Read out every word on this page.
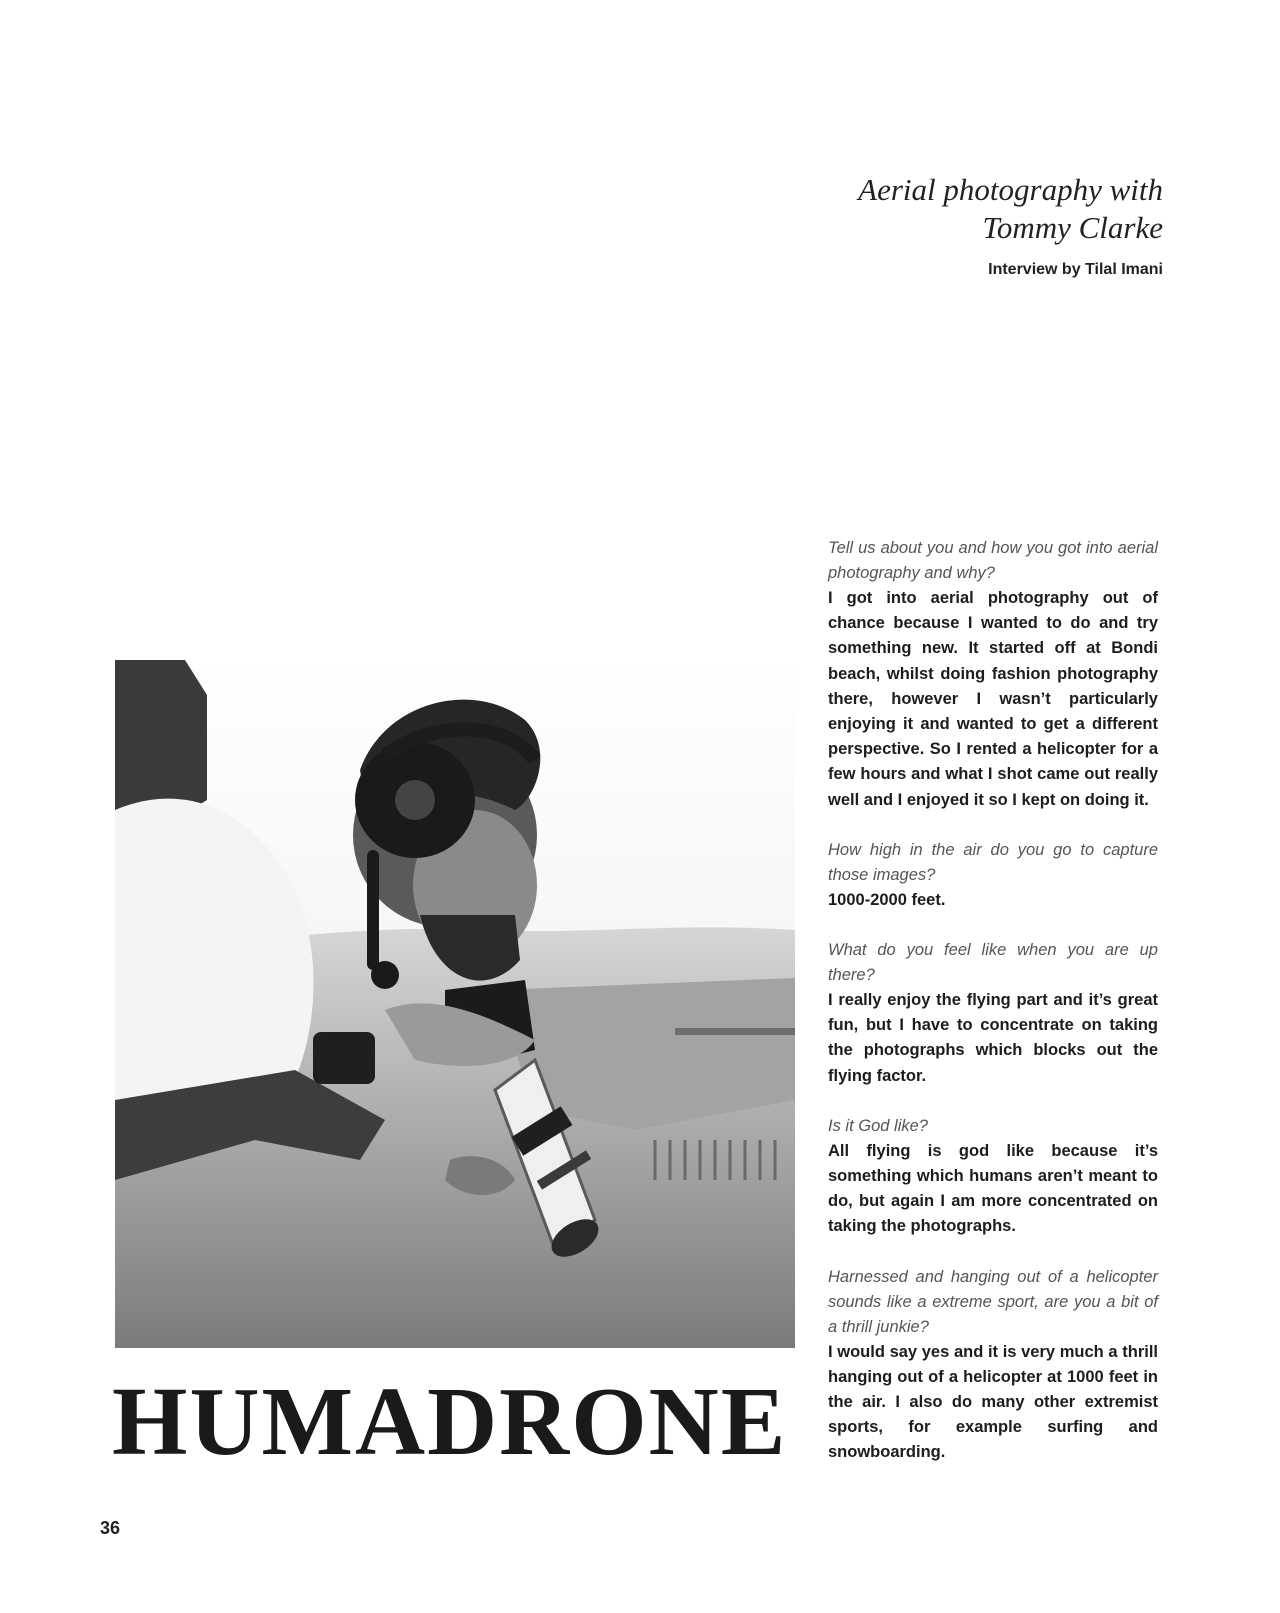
Aerial photography with
Tommy Clarke
Interview by Tilal Imani
HUMADRONE

Tell us about you and how you got into aerial photography and why?

I got into aerial photography out of chance because I wanted to do and try something new. It started off at Bondi beach, whilst doing fashion photography there, however I wasn’t particularly enjoying it and wanted to get a different perspective. So I rented a helicopter for a few hours and what I shot came out really well and I enjoyed it so I kept on doing it.

How high in the air do you go to capture those images?

1000-2000 feet.

What do you feel like when you are up there?

I really enjoy the flying part and it’s great fun, but I have to concentrate on taking the photographs which blocks out the flying factor.

Is it God like?

All flying is god like because it’s something which humans aren’t meant to do, but again I am more concentrated on taking the photographs.

Harnessed and hanging out of a helicopter sounds like a extreme sport, are you a bit of a thrill junkie?

I would say yes and it is very much a thrill hanging out of a helicopter at 1000 feet in the air. I also do many other extremist sports, for example surfing and snowboarding.

36
